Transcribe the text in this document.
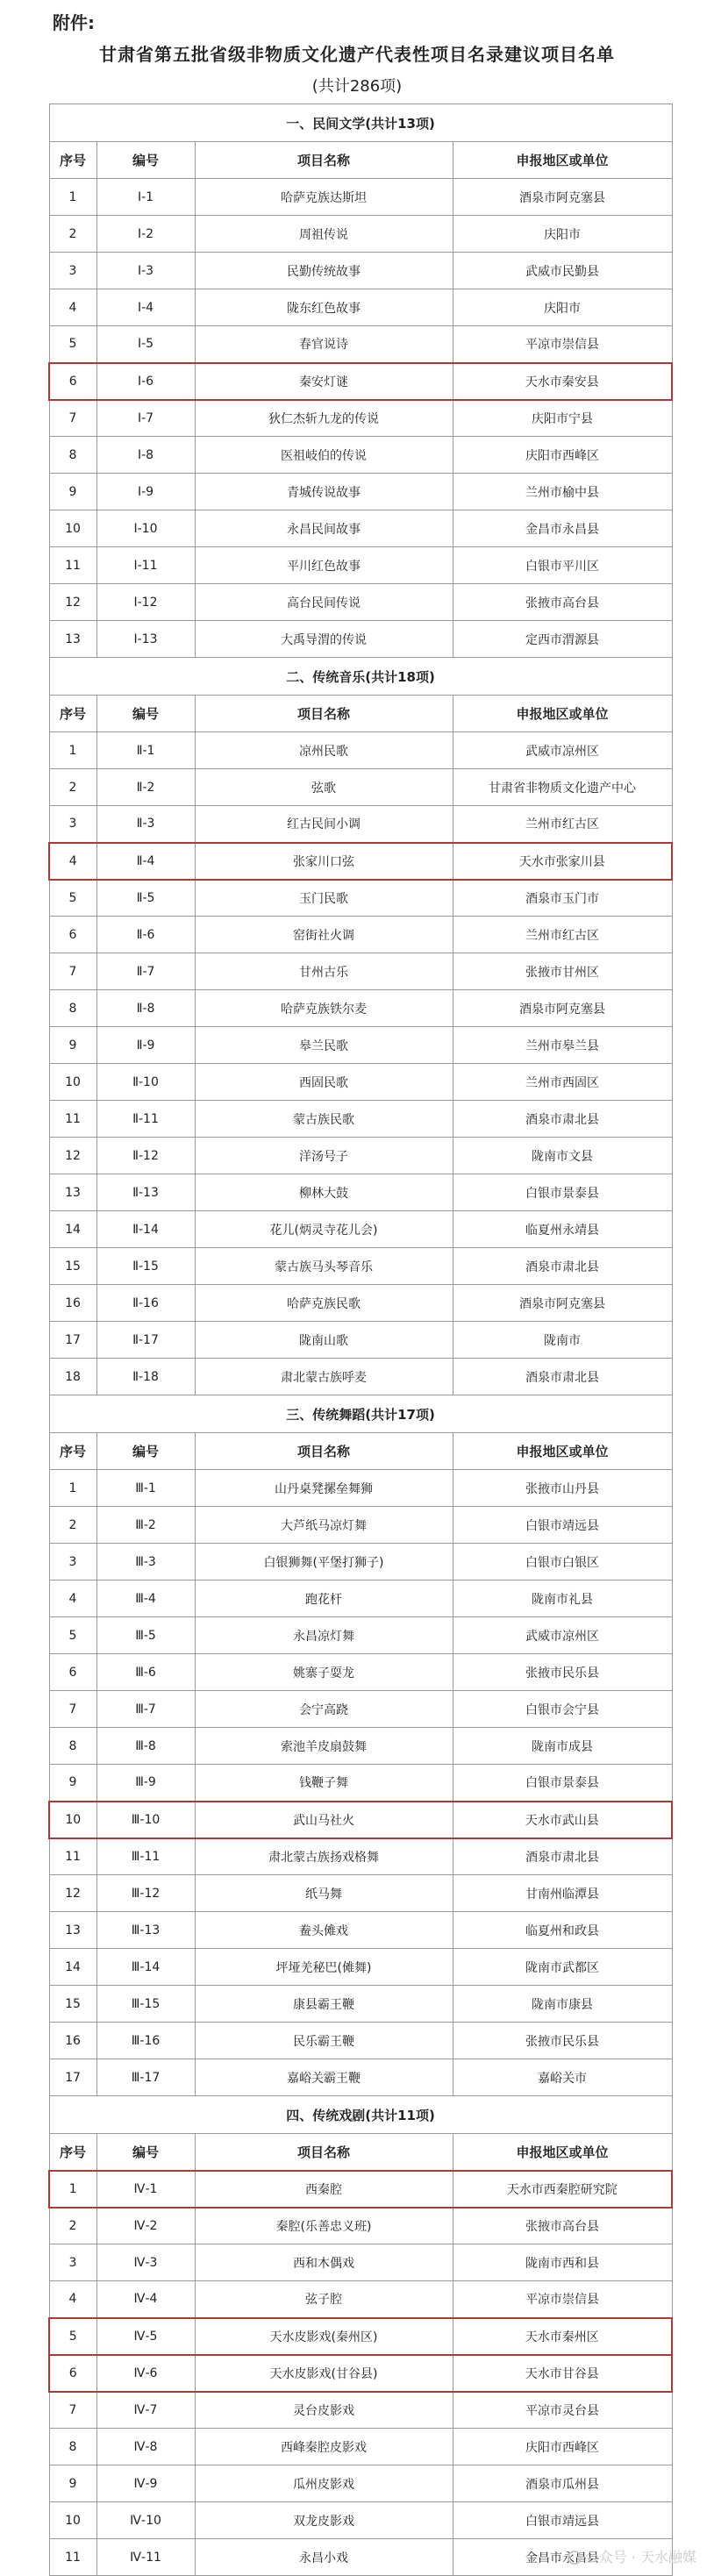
附件:
甘肃省第五批省级非物质文化遗产代表性项目名录建议项目名单
(共计286项)
一、民间文学(共计13项)			
序号	编号	项目名称	申报地区或单位
1	Ⅰ-1	哈萨克族达斯坦	酒泉市阿克塞县
2	Ⅰ-2	周祖传说	庆阳市
3	Ⅰ-3	民勤传统故事	武威市民勤县
4	Ⅰ-4	陇东红色故事	庆阳市
5	Ⅰ-5	春官说诗	平凉市崇信县
6	Ⅰ-6	秦安灯谜	天水市秦安县
7	Ⅰ-7	狄仁杰斩九龙的传说	庆阳市宁县
8	Ⅰ-8	医祖岐伯的传说	庆阳市西峰区
9	Ⅰ-9	青城传说故事	兰州市榆中县
10	Ⅰ-10	永昌民间故事	金昌市永昌县
11	Ⅰ-11	平川红色故事	白银市平川区
12	Ⅰ-12	高台民间传说	张掖市高台县
13	Ⅰ-13	大禹导渭的传说	定西市渭源县
二、传统音乐(共计18项)			
序号	编号	项目名称	申报地区或单位
1	Ⅱ-1	凉州民歌	武威市凉州区
2	Ⅱ-2	弦歌	甘肃省非物质文化遗产中心
3	Ⅱ-3	红古民间小调	兰州市红古区
4	Ⅱ-4	张家川口弦	天水市张家川县
5	Ⅱ-5	玉门民歌	酒泉市玉门市
6	Ⅱ-6	窑街社火调	兰州市红古区
7	Ⅱ-7	甘州古乐	张掖市甘州区
8	Ⅱ-8	哈萨克族铁尔麦	酒泉市阿克塞县
9	Ⅱ-9	皋兰民歌	兰州市皋兰县
10	Ⅱ-10	西固民歌	兰州市西固区
11	Ⅱ-11	蒙古族民歌	酒泉市肃北县
12	Ⅱ-12	洋汤号子	陇南市文县
13	Ⅱ-13	柳林大鼓	白银市景泰县
14	Ⅱ-14	花儿(炳灵寺花儿会)	临夏州永靖县
15	Ⅱ-15	蒙古族马头琴音乐	酒泉市肃北县
16	Ⅱ-16	哈萨克族民歌	酒泉市阿克塞县
17	Ⅱ-17	陇南山歌	陇南市
18	Ⅱ-18	肃北蒙古族呼麦	酒泉市肃北县
三、传统舞蹈(共计17项)			
序号	编号	项目名称	申报地区或单位
1	Ⅲ-1	山丹桌凳摞垒舞狮	张掖市山丹县
2	Ⅲ-2	大芦纸马凉灯舞	白银市靖远县
3	Ⅲ-3	白银狮舞(平堡打狮子)	白银市白银区
4	Ⅲ-4	跑花杆	陇南市礼县
5	Ⅲ-5	永昌凉灯舞	武威市凉州区
6	Ⅲ-6	姚寨子耍龙	张掖市民乐县
7	Ⅲ-7	会宁高跷	白银市会宁县
8	Ⅲ-8	索池羊皮扇鼓舞	陇南市成县
9	Ⅲ-9	钱鞭子舞	白银市景泰县
10	Ⅲ-10	武山马社火	天水市武山县
11	Ⅲ-11	肃北蒙古族扬戏格舞	酒泉市肃北县
12	Ⅲ-12	纸马舞	甘南州临潭县
13	Ⅲ-13	鲞头傩戏	临夏州和政县
14	Ⅲ-14	坪垭羌秘巴(傩舞)	陇南市武都区
15	Ⅲ-15	康县霸王鞭	陇南市康县
16	Ⅲ-16	民乐霸王鞭	张掖市民乐县
17	Ⅲ-17	嘉峪关霸王鞭	嘉峪关市
四、传统戏剧(共计11项)			
序号	编号	项目名称	申报地区或单位
1	Ⅳ-1	西秦腔	天水市西秦腔研究院
2	Ⅳ-2	秦腔(乐善忠义班)	张掖市高台县
3	Ⅳ-3	西和木偶戏	陇南市西和县
4	Ⅳ-4	弦子腔	平凉市崇信县
5	Ⅳ-5	天水皮影戏(秦州区)	天水市秦州区
6	Ⅳ-6	天水皮影戏(甘谷县)	天水市甘谷县
7	Ⅳ-7	灵台皮影戏	平凉市灵台县
8	Ⅳ-8	西峰秦腔皮影戏	庆阳市西峰区
9	Ⅳ-9	瓜州皮影戏	酒泉市瓜州县
10	Ⅳ-10	双龙皮影戏	白银市靖远县
11	Ⅳ-11	永昌小戏	金昌市永昌县
公众号 · 天水融媒
